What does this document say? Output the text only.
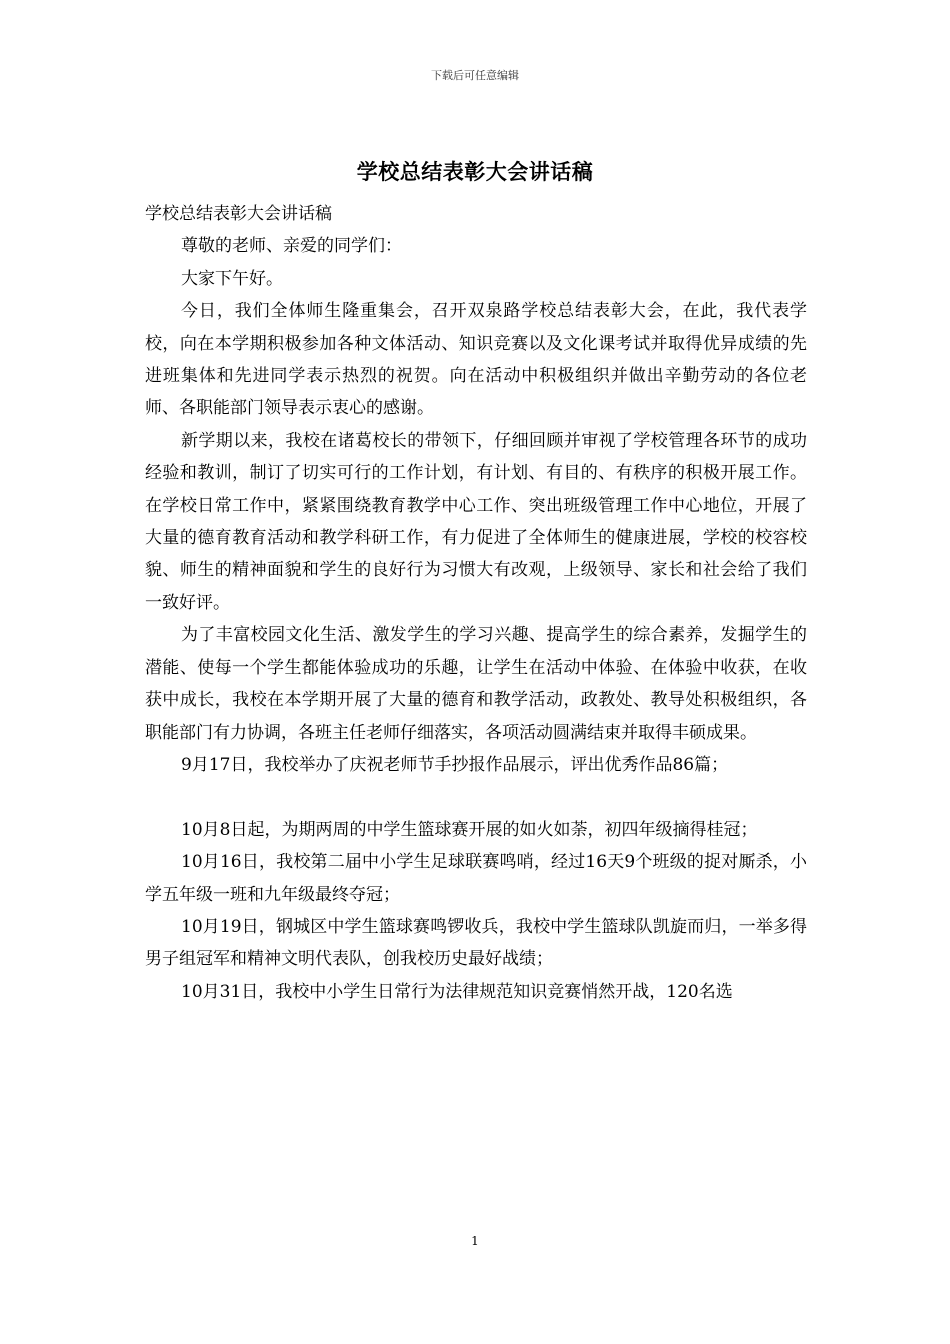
下载后可任意编辑
学校总结表彰大会讲话稿

学校总结表彰大会讲话稿

尊敬的老师、亲爱的同学们：

大家下午好。

今日，我们全体师生隆重集会，召开双泉路学校总结表彰大会，在此，我代表学校，向在本学期积极参加各种文体活动、知识竞赛以及文化课考试并取得优异成绩的先进班集体和先进同学表示热烈的祝贺。向在活动中积极组织并做出辛勤劳动的各位老师、各职能部门领导表示衷心的感谢。

新学期以来，我校在诸葛校长的带领下，仔细回顾并审视了学校管理各环节的成功经验和教训，制订了切实可行的工作计划，有计划、有目的、有秩序的积极开展工作。在学校日常工作中，紧紧围绕教育教学中心工作、突出班级管理工作中心地位，开展了大量的德育教育活动和教学科研工作，有力促进了全体师生的健康进展，学校的校容校貌、师生的精神面貌和学生的良好行为习惯大有改观，上级领导、家长和社会给了我们一致好评。

为了丰富校园文化生活、激发学生的学习兴趣、提高学生的综合素养，发掘学生的潜能、使每一个学生都能体验成功的乐趣，让学生在活动中体验、在体验中收获，在收获中成长，我校在本学期开展了大量的德育和教学活动，政教处、教导处积极组织，各职能部门有力协调，各班主任老师仔细落实，各项活动圆满结束并取得丰硕成果。

9月17日，我校举办了庆祝老师节手抄报作品展示，评出优秀作品86篇；

10月8日起，为期两周的中学生篮球赛开展的如火如荼，初四年级摘得桂冠；

10月16日，我校第二届中小学生足球联赛鸣哨，经过16天9个班级的捉对厮杀，小学五年级一班和九年级最终夺冠；

10月19日，钢城区中学生篮球赛鸣锣收兵，我校中学生篮球队凯旋而归，一举多得男子组冠军和精神文明代表队，创我校历史最好战绩；

10月31日，我校中小学生日常行为法律规范知识竞赛悄然开战，120名选

1
